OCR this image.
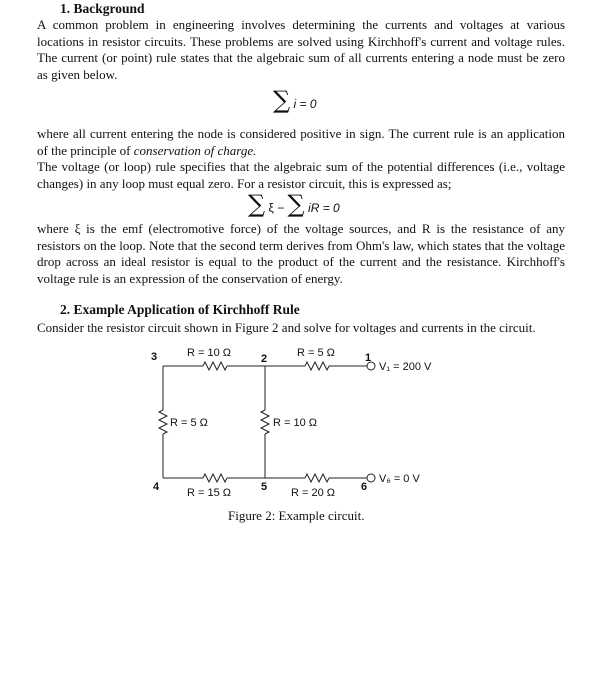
1. Background
A common problem in engineering involves determining the currents and voltages at various locations in resistor circuits. These problems are solved using Kirchhoff's current and voltage rules. The current (or point) rule states that the algebraic sum of all currents entering a node must be zero as given below.
∑ i = 0
where all current entering the node is considered positive in sign. The current rule is an application of the principle of conservation of charge.
The voltage (or loop) rule specifies that the algebraic sum of the potential differences (i.e., voltage changes) in any loop must equal zero. For a resistor circuit, this is expressed as;
∑ ξ − ∑ iR = 0
where ξ is the emf (electromotive force) of the voltage sources, and R is the resistance of any resistors on the loop. Note that the second term derives from Ohm's law, which states that the voltage drop across an ideal resistor is equal to the product of the current and the resistance. Kirchhoff's voltage rule is an expression of the conservation of energy.
2. Example Application of Kirchhoff Rule
Consider the resistor circuit shown in Figure 2 and solve for voltages and currents in the circuit.
3	2	1
4	5	6
R = 10 Ω	R = 5 Ω
R = 5 Ω	R = 10 Ω
R = 15 Ω	R = 20 Ω
V₁ = 200 V
V₆ = 0 V
Figure 2: Example circuit.
